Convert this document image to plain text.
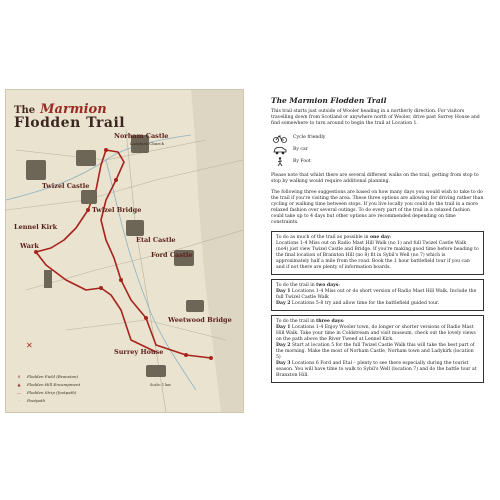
✕
The Marmion
Flodden Trail
Norham Castle
Ladykirk Church
Twizel Castle
Twizel Bridge
Lennel Kirk
Wark
Etal Castle
Ford Castle
Weetwood Bridge
Surrey House
✕	Flodden Field (Branxton)
▲	Flodden Hill Encampment
—	Flodden Strip (footpath)
·	Footpath
Scale: 1 km
The Marmion Flodden Trail

This trail starts just outside of Wooler heading in a northerly direction. For visitors travelling down from Scotland or anywhere north of Wooler, drive past Surrey House and find somewhere to turn around to begin the trail at Location 1.

Cycle friendly
By car
By Foot

Please note that whilst there are several different walks on the trail, getting from stop to stop by walking would require additional planning.

The following three suggestions are based on how many days you would wish to take to do the trail if you're visiting the area. These three options are allowing for driving rather than cycling or walking time between stops. If you live locally you could do the trail in a more relaxed fashion over several outings. To do every part of the trail in a relaxed fashion could take up to 4 days but other options are recommended depending on time constraints.

To do as much of the trail as possible in one day:
Locations 1-4 Miss out on Radio Mast Hill Walk (no 1) and full Twizel Castle Walk (no4) just view Twizel Castle and Bridge. If you're making good time before heading to the final location of Branxton Hill (no 8) fit in Sybil's Well (no 7) which is approximately half a mile from the road. Book the 1 hour battlefield tour if you can and if not there are plenty of information boards.

To do the trail in two days:
Day 1 Locations 1-4 Miss out or do short version of Radio Mast Hill Walk. Include the full Twizel Castle Walk
Day 2 Locations 5-8 try and allow time for the battlefield guided tour.

To do the trail in three days:
Day 1 Locations 1-4 Enjoy Wooler town, do longer or shorter versions of Radio Mast Hill Walk. Take your time in Coldstream and visit museum, check out the lovely views on the path above the River Tweed at Lennel Kirk.
Day 2 Start at location 5 for the full Twizel Castle Walk this will take the best part of the morning. Make the most of Norham Castle, Norham town and Ladykirk (location 5)
Day 3 Locations 6 Ford and Etal – plenty to see there especially during the tourist season. You will have time to walk to Sybil's Well (location 7) and do the battle tour at Branxton Hill.
